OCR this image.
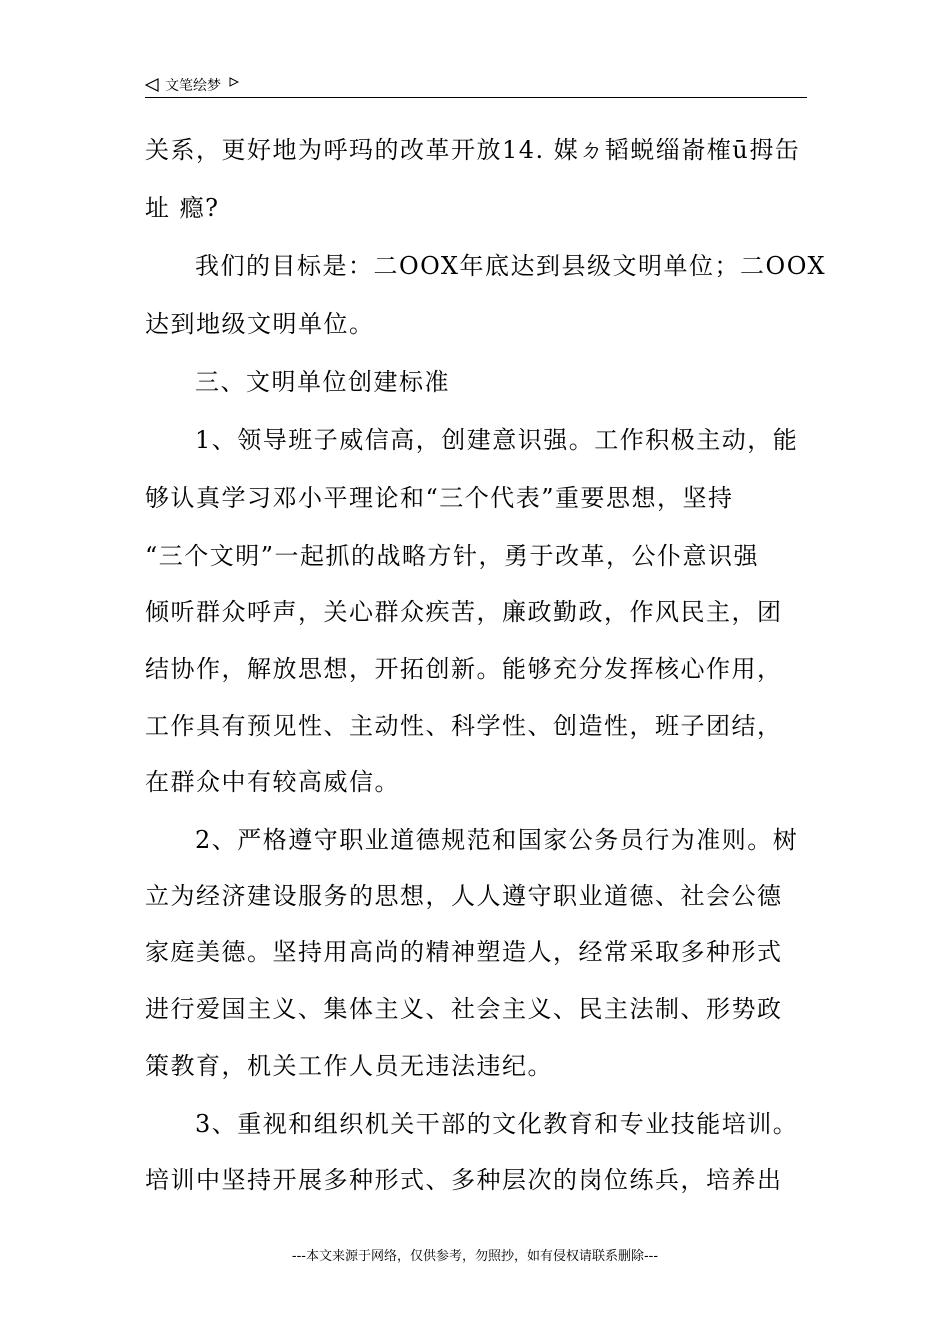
文笔绘梦
关系，更好地为呼玛的改革开放14. 媒ㄉ韬蜕缁嵛榷ū拇缶
址 瘾?
我们的目标是：二OOX年底达到县级文明单位；二OOX
达到地级文明单位。
三、文明单位创建标准
1、领导班子威信高，创建意识强。工作积极主动，能
够认真学习邓小平理论和“三个代表”重要思想，坚持
“三个文明”一起抓的战略方针，勇于改革，公仆意识强
倾听群众呼声，关心群众疾苦，廉政勤政，作风民主，团
结协作，解放思想，开拓创新。能够充分发挥核心作用，
工作具有预见性、主动性、科学性、创造性，班子团结，
在群众中有较高威信。
2、严格遵守职业道德规范和国家公务员行为准则。树
立为经济建设服务的思想，人人遵守职业道德、社会公德
家庭美德。坚持用高尚的精神塑造人，经常采取多种形式
进行爱国主义、集体主义、社会主义、民主法制、形势政
策教育，机关工作人员无违法违纪。
3、重视和组织机关干部的文化教育和专业技能培训。
培训中坚持开展多种形式、多种层次的岗位练兵，培养出
---本文来源于网络，仅供参考，勿照抄，如有侵权请联系删除---
